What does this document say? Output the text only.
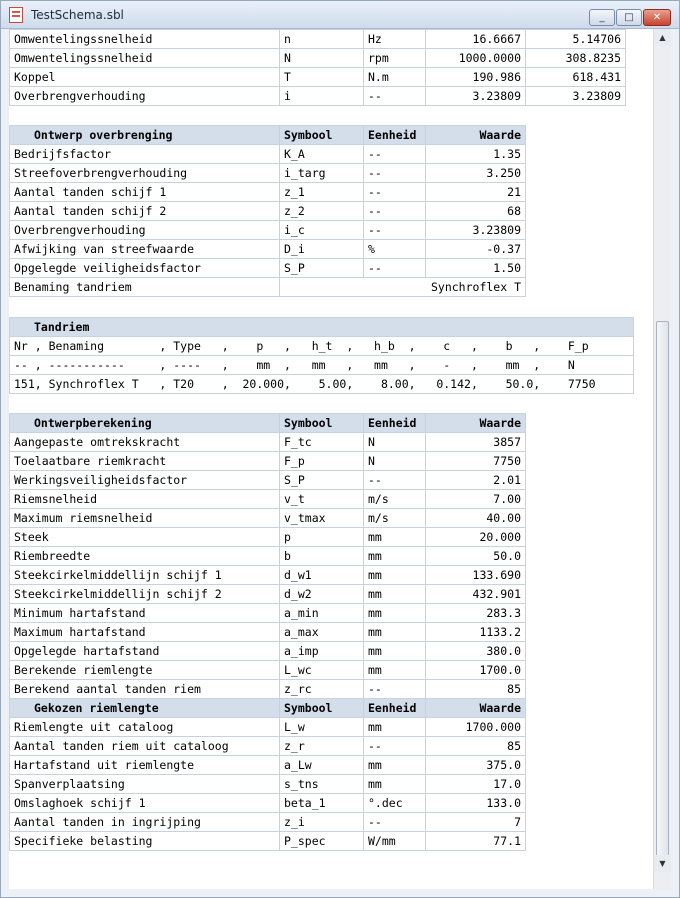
TestSchema.sbl	_	□	✕
Omwentelingssnelheid	n	Hz	16.6667	5.14706
Omwentelingssnelheid	N	rpm	1000.0000	308.8235
Koppel	T	N.m	190.986	618.431
Overbrengverhouding	i	--	3.23809	3.23809
Ontwerp overbrenging	Symbool	Eenheid	Waarde
Bedrijfsfactor	K_A	--	1.35
Streefoverbrengverhouding	i_targ	--	3.250
Aantal tanden schijf 1	z_1	--	21
Aantal tanden schijf 2	z_2	--	68
Overbrengverhouding	i_c	--	3.23809
Afwijking van streefwaarde	D_i	%	-0.37
Opgelegde veiligheidsfactor	S_P	--	1.50
Benaming tandriem	Synchroflex T		
Tandriem
Nr , Benaming        , Type   ,    p   ,   h_t  ,   h_b  ,    c   ,    b   ,    F_p
-- , -----------     , ----   ,    mm  ,   mm   ,   mm   ,    -   ,    mm  ,    N
151, Synchroflex T   , T20    ,  20.000,    5.00,    8.00,   0.142,    50.0,    7750
Ontwerpberekening	Symbool	Eenheid	Waarde
Aangepaste omtrekskracht	F_tc	N	3857
Toelaatbare riemkracht	F_p	N	7750
Werkingsveiligheidsfactor	S_P	--	2.01
Riemsnelheid	v_t	m/s	7.00
Maximum riemsnelheid	v_tmax	m/s	40.00
Steek	p	mm	20.000
Riembreedte	b	mm	50.0
Steekcirkelmiddellijn schijf 1	d_w1	mm	133.690
Steekcirkelmiddellijn schijf 2	d_w2	mm	432.901
Minimum hartafstand	a_min	mm	283.3
Maximum hartafstand	a_max	mm	1133.2
Opgelegde hartafstand	a_imp	mm	380.0
Berekende riemlengte	L_wc	mm	1700.0
Berekend aantal tanden riem	z_rc	--	85
Gekozen riemlengte	Symbool	Eenheid	Waarde
Riemlengte uit cataloog	L_w	mm	1700.000
Aantal tanden riem uit cataloog	z_r	--	85
Hartafstand uit riemlengte	a_Lw	mm	375.0
Spanverplaatsing	s_tns	mm	17.0
Omslaghoek schijf 1	beta_1	°.dec	133.0
Aantal tanden in ingrijping	z_i	--	7
Specifieke belasting	P_spec	W/mm	77.1
▲
▼
